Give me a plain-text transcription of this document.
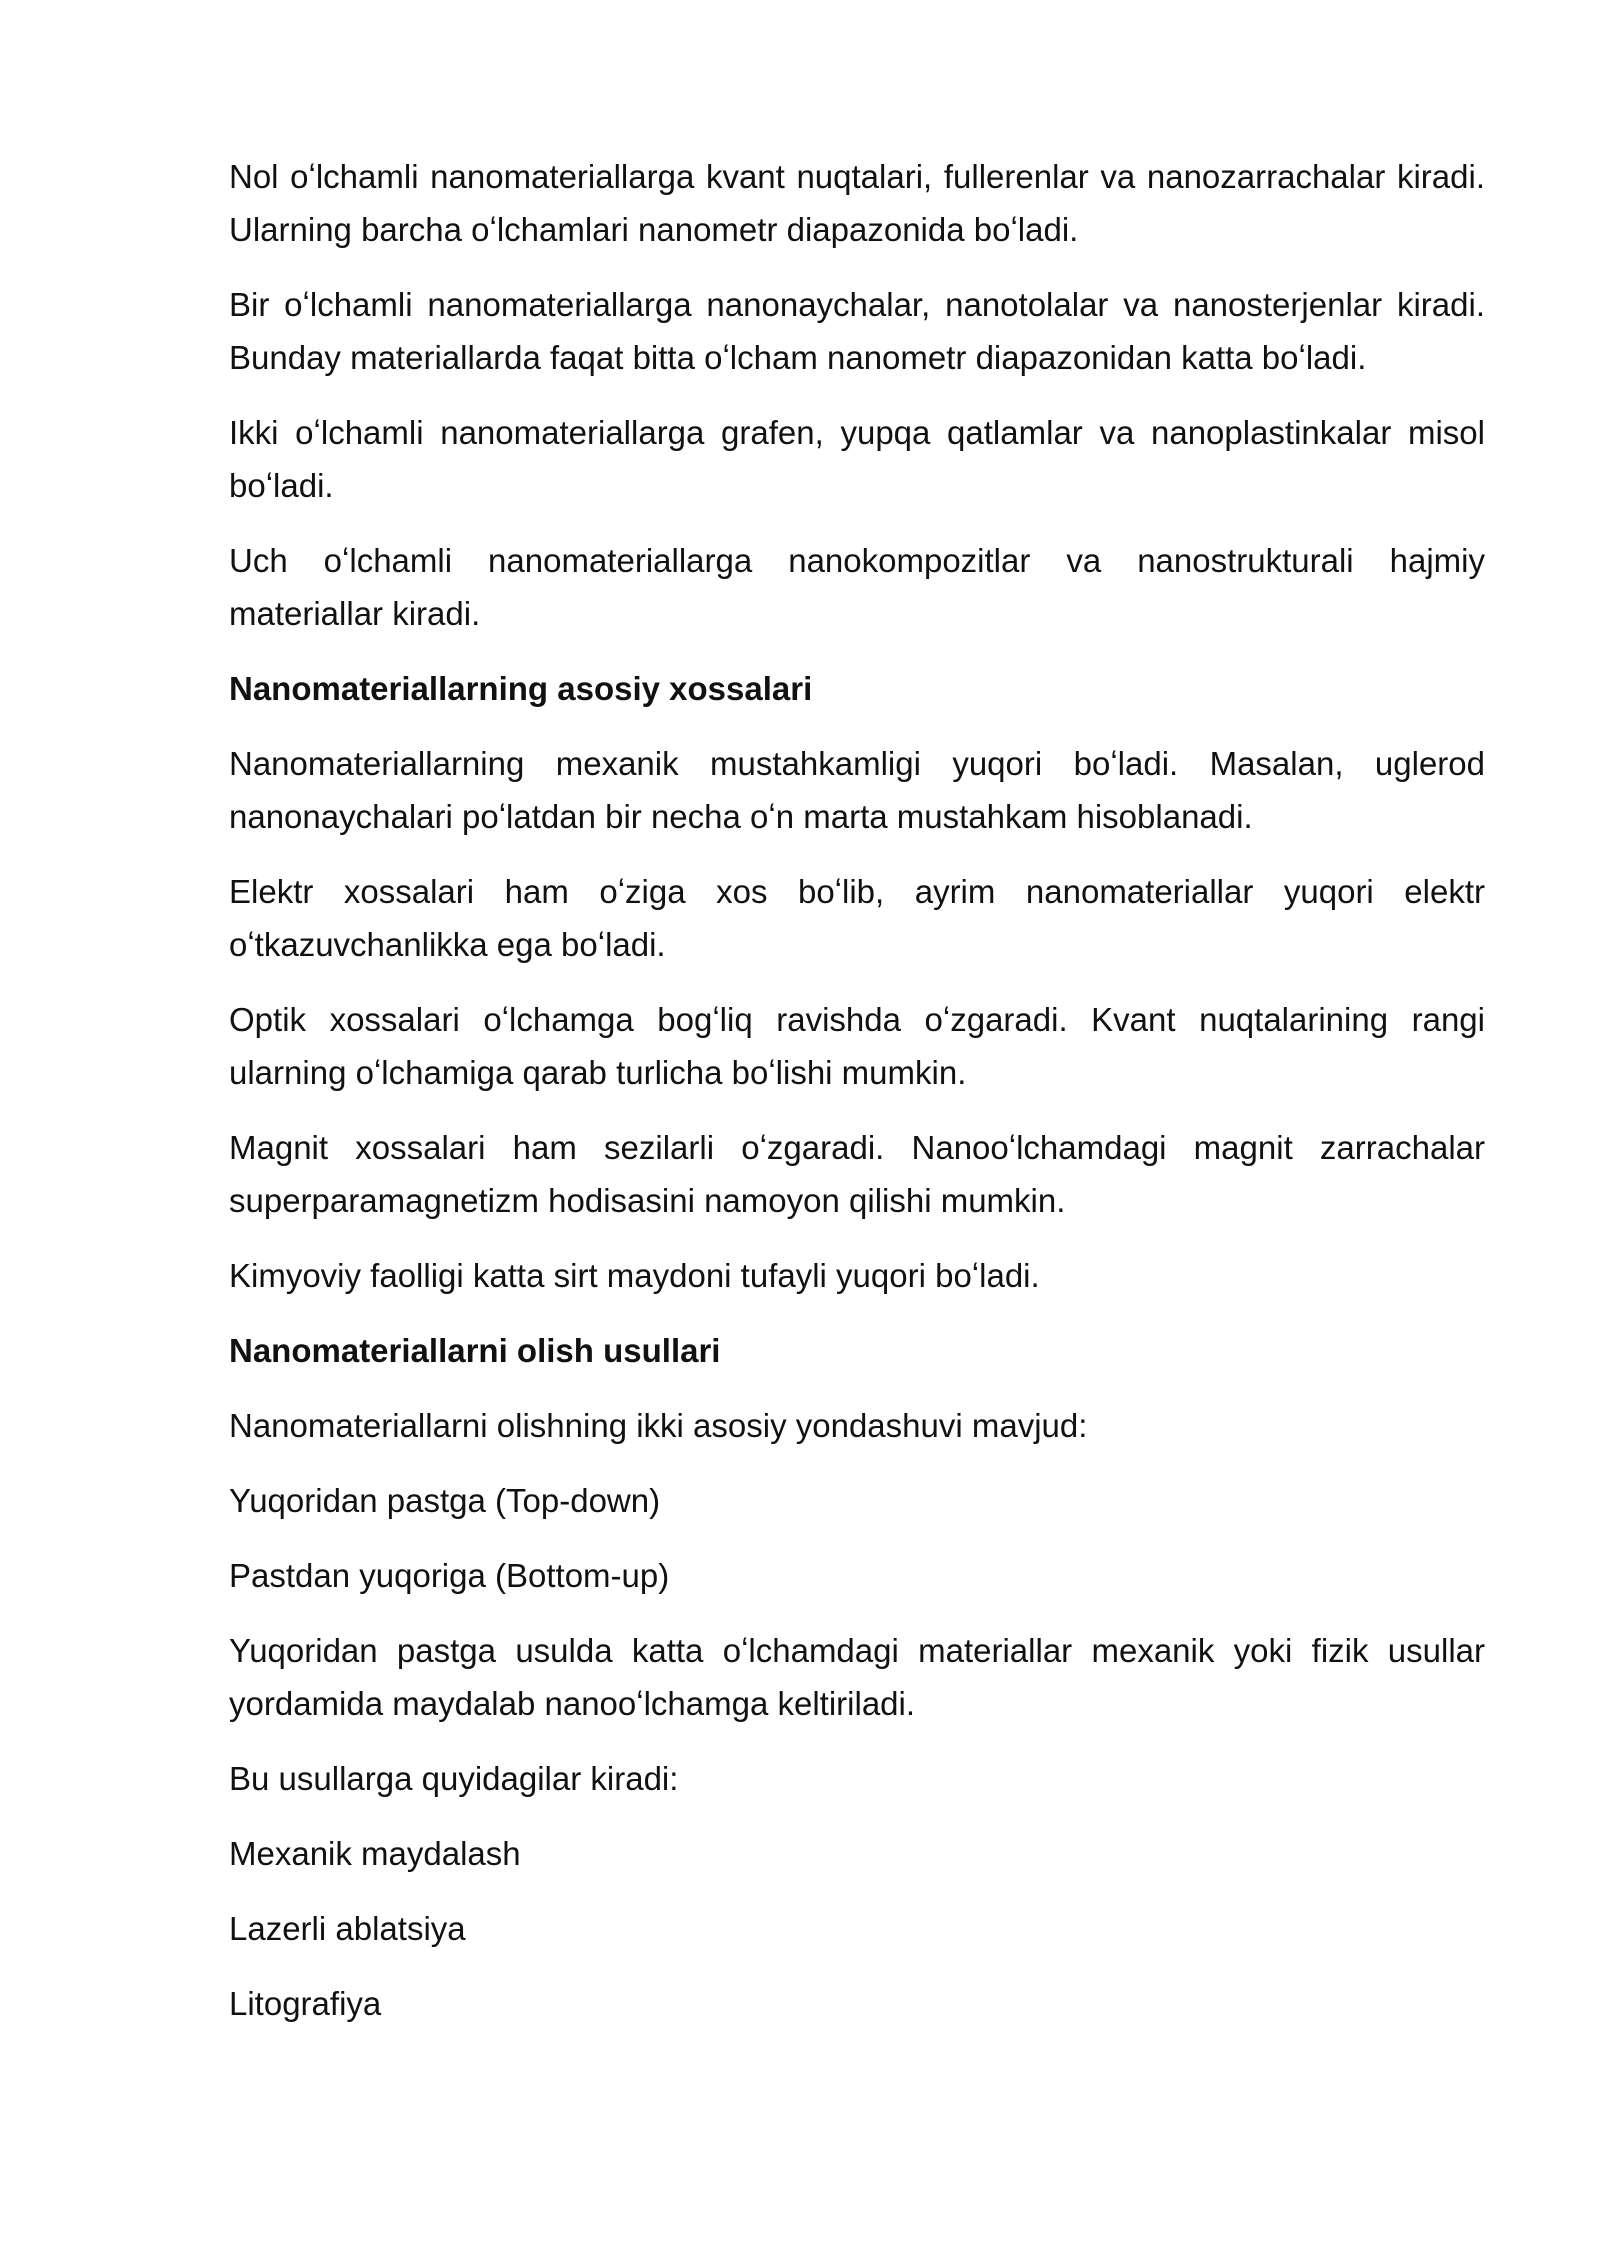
Nol oʻlchamli nanomateriallarga kvant nuqtalari, fullerenlar va nanozarrachalar kiradi. Ularning barcha oʻlchamlari nanometr diapazonida boʻladi.

Bir oʻlchamli nanomateriallarga nanonaychalar, nanotolalar va nanosterjenlar kiradi. Bunday materiallarda faqat bitta oʻlcham nanometr diapazonidan katta boʻladi.

Ikki oʻlchamli nanomateriallarga grafen, yupqa qatlamlar va nanoplastinkalar misol boʻladi.

Uch oʻlchamli nanomateriallarga nanokompozitlar va nanostrukturali hajmiy materiallar kiradi.

Nanomateriallarning asosiy xossalari

Nanomateriallarning mexanik mustahkamligi yuqori boʻladi. Masalan, uglerod nanonaychalari poʻlatdan bir necha oʻn marta mustahkam hisoblanadi.

Elektr xossalari ham oʻziga xos boʻlib, ayrim nanomateriallar yuqori elektr oʻtkazuvchanlikka ega boʻladi.

Optik xossalari oʻlchamga bogʻliq ravishda oʻzgaradi. Kvant nuqtalarining rangi ularning oʻlchamiga qarab turlicha boʻlishi mumkin.

Magnit xossalari ham sezilarli oʻzgaradi. Nanooʻlchamdagi magnit zarrachalar superparamagnetizm hodisasini namoyon qilishi mumkin.

Kimyoviy faolligi katta sirt maydoni tufayli yuqori boʻladi.

Nanomateriallarni olish usullari

Nanomateriallarni olishning ikki asosiy yondashuvi mavjud:

Yuqoridan pastga (Top-down)

Pastdan yuqoriga (Bottom-up)

Yuqoridan pastga usulda katta oʻlchamdagi materiallar mexanik yoki fizik usullar yordamida maydalab nanooʻlchamga keltiriladi.

Bu usullarga quyidagilar kiradi:

Mexanik maydalash

Lazerli ablatsiya

Litografiya
